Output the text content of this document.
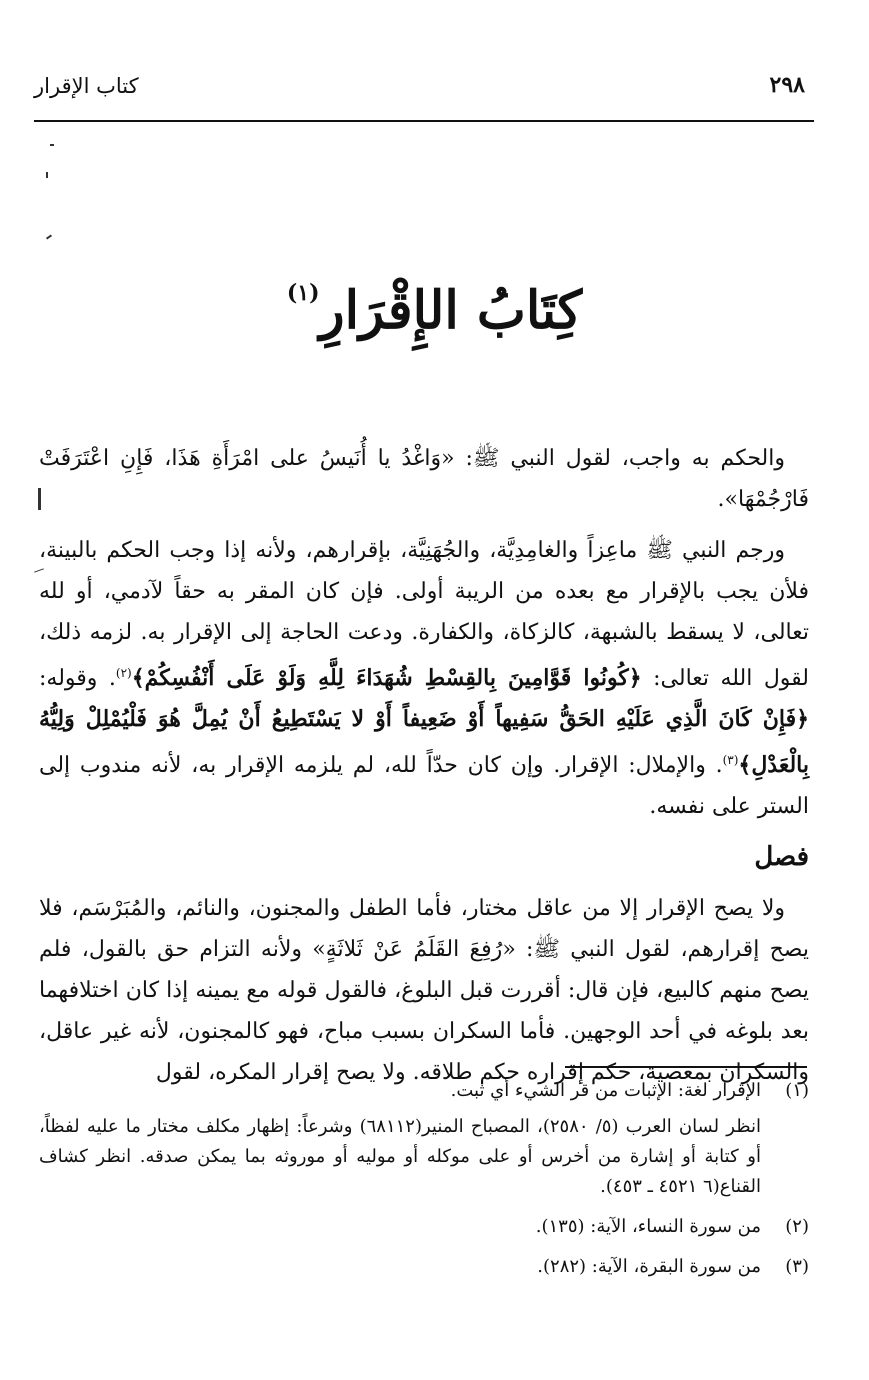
كتاب الإقرار	٢٩٨
كِتَابُ الإِقْرَارِ$^{(١)}$

والحكم به واجب، لقول النبي ﷺ: «وَاغْدُ يا أُنَيسُ على امْرَأَةِ هَذَا، فَإِنِ اعْتَرَفَتْ فَارْجُمْهَا».

ورجم النبي ﷺ ماعِزاً والغامِدِيَّة، والجُهَنِيَّة، بإقرارهم، ولأنه إذا وجب الحكم بالبينة، فلأن يجب بالإقرار مع بعده من الريبة أولى. فإن كان المقر به حقاً لآدمي، أو لله تعالى، لا يسقط بالشبهة، كالزكاة، والكفارة. ودعت الحاجة إلى الإقرار به. لزمه ذلك، لقول الله تعالى: ﴿كُونُوا قَوَّامِينَ بِالقِسْطِ شُهَدَاءَ لِلَّهِ وَلَوْ عَلَى أَنْفُسِكُمْ﴾$^{(٢)}$. وقوله: ﴿فَإِنْ كَانَ الَّذِي عَلَيْهِ الحَقُّ سَفِيهاً أَوْ ضَعِيفاً أَوْ لا يَسْتَطِيعُ أَنْ يُمِلَّ هُوَ فَلْيُمْلِلْ وَلِيُّهُ بِالْعَدْلِ﴾$^{(٣)}$. والإملال: الإقرار. وإن كان حدّاً لله، لم يلزمه الإقرار به، لأنه مندوب إلى الستر على نفسه.

فصل

ولا يصح الإقرار إلا من عاقل مختار، فأما الطفل والمجنون، والنائم، والمُبَرْسَم، فلا يصح إقرارهم، لقول النبي ﷺ: «رُفِعَ القَلَمُ عَنْ ثَلاثَةٍ» ولأنه التزام حق بالقول، فلم يصح منهم كالبيع، فإن قال: أقررت قبل البلوغ، فالقول قوله مع يمينه إذا كان اختلافهما بعد بلوغه في أحد الوجهين. فأما السكران بسبب مباح، فهو كالمجنون، لأنه غير عاقل، والسكران بمعصية، حكم إقراره حكم طلاقه. ولا يصح إقرار المكره، لقول

(١)

الإقرار لغة: الإثبات من قر الشيء أي ثبت.

انظر لسان العرب (٥/ ٢٥٨٠)، المصباح المنير(٦٨١١٢) وشرعاً: إظهار مكلف مختار ما عليه لفظاً، أو كتابة أو إشارة من أخرس أو على موكله أو موليه أو موروثه بما يمكن صدقه. انظر كشاف القناع(٦ ٤٥٢١ ـ ٤٥٣).

(٢)

من سورة النساء، الآية: (١٣٥).

(٣)

من سورة البقرة، الآية: (٢٨٢).
